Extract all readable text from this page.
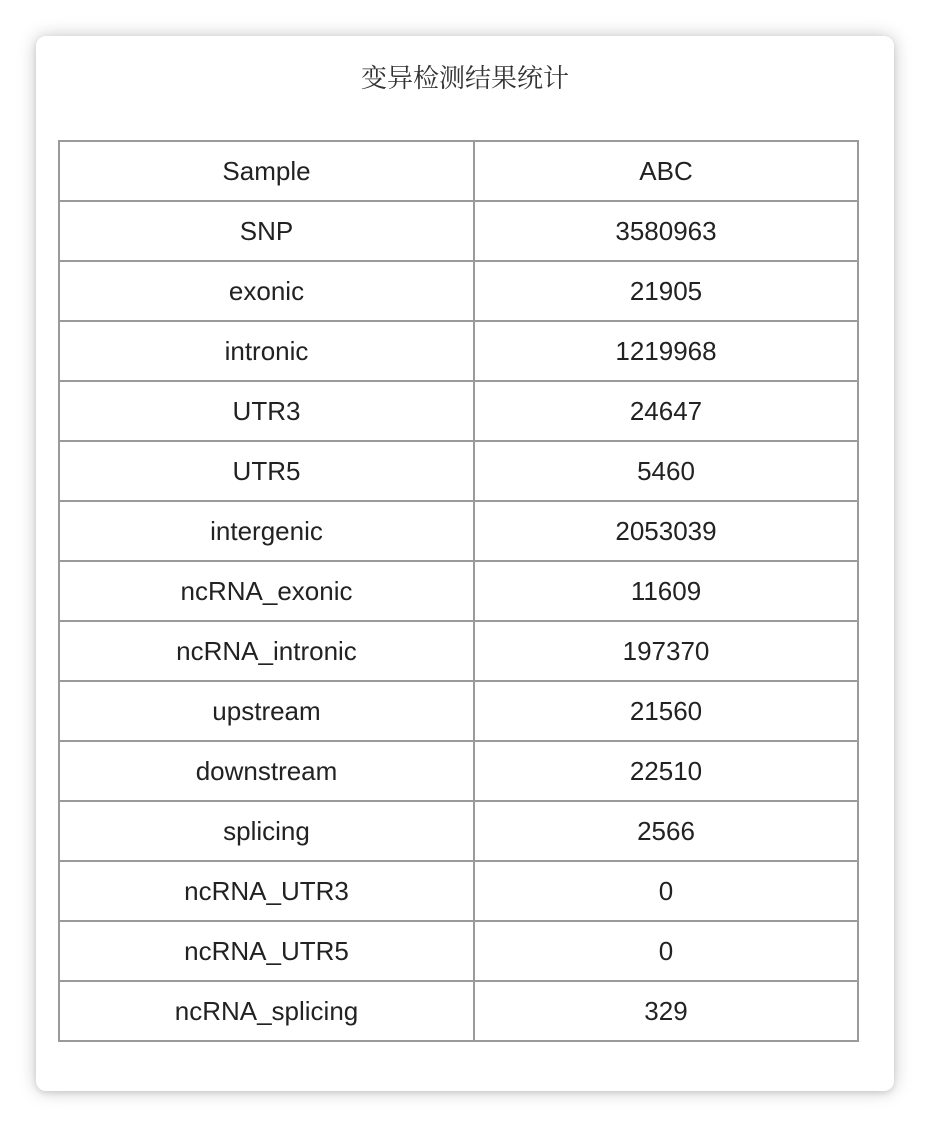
变异检测结果统计
Sample	ABC
SNP	3580963
exonic	21905
intronic	1219968
UTR3	24647
UTR5	5460
intergenic	2053039
ncRNA_exonic	11609
ncRNA_intronic	197370
upstream	21560
downstream	22510
splicing	2566
ncRNA_UTR3	0
ncRNA_UTR5	0
ncRNA_splicing	329
